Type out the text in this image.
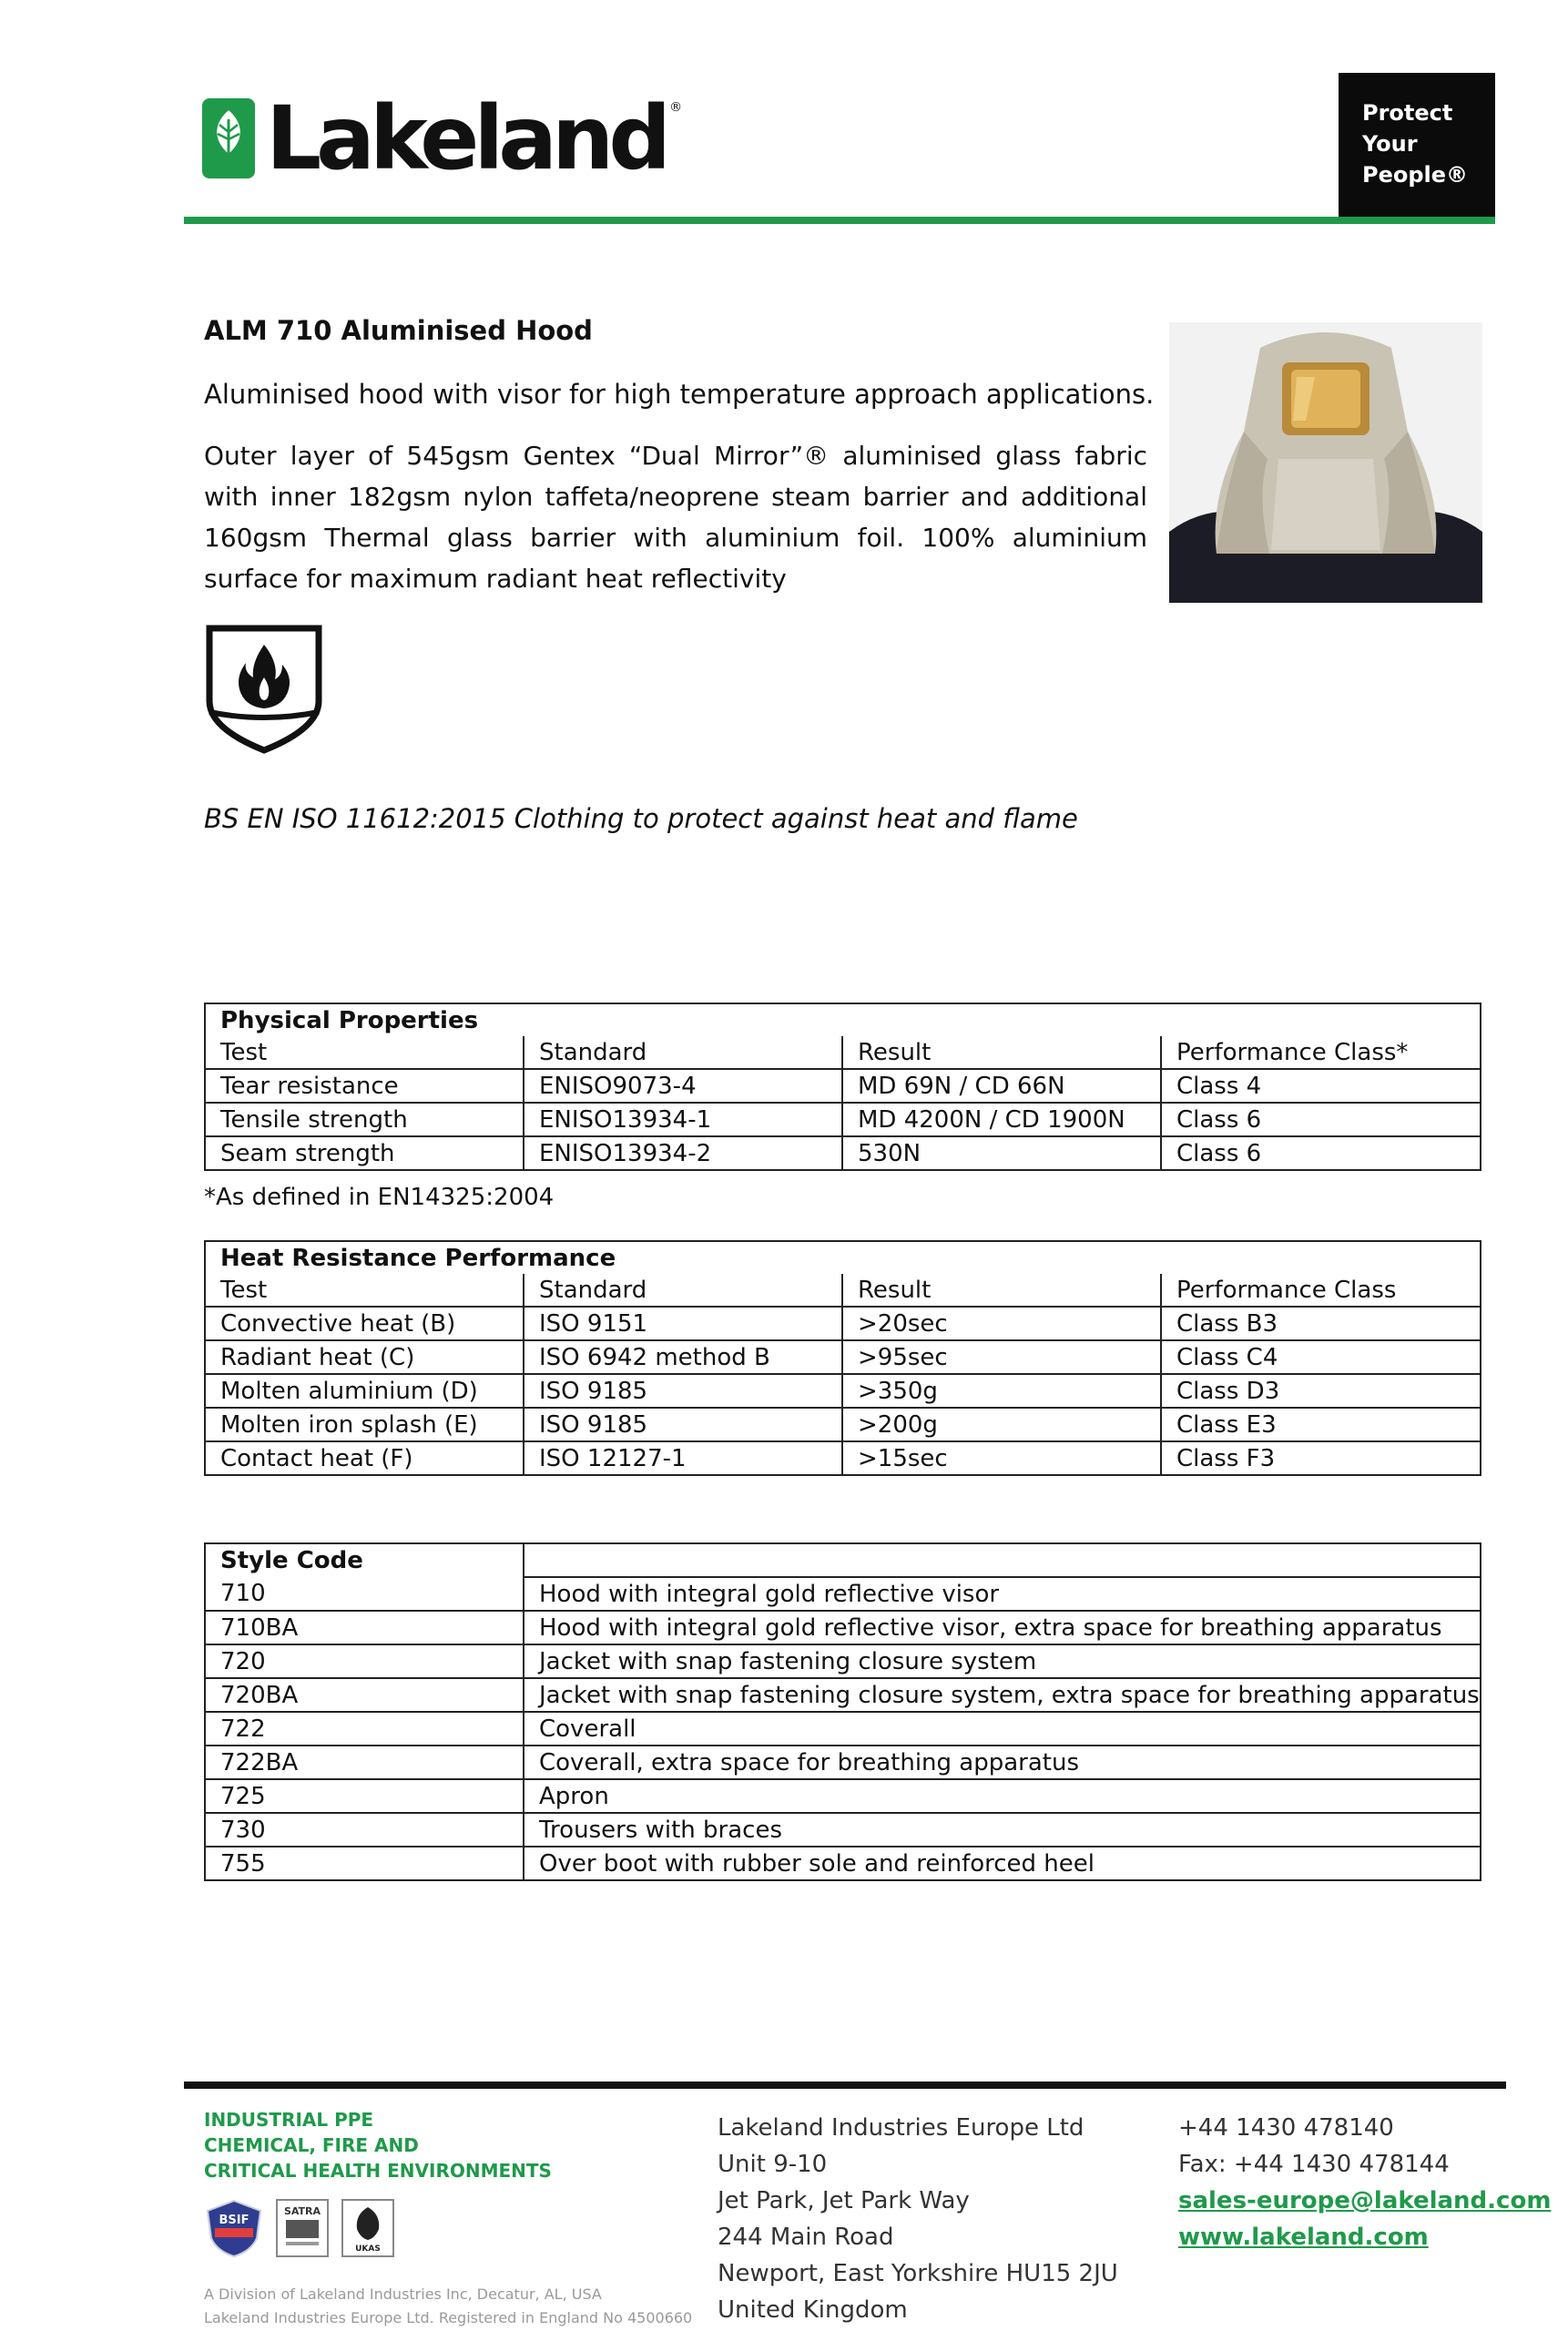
Lakeland ®	Protect
Your
People®
ALM 710 Aluminised Hood
Aluminised hood with visor for high temperature approach applications.
Outer layer of 545gsm Gentex “Dual Mirror”® aluminised glass fabric with inner 182gsm nylon taffeta/neoprene steam barrier and additional 160gsm Thermal glass barrier with aluminium foil. 100% aluminium surface for maximum radiant heat reflectivity
BS EN ISO 11612:2015 Clothing to protect against heat and flame
Physical Properties			
Test	Standard	Result	Performance Class*
Tear resistance	ENISO9073-4	MD 69N / CD 66N	Class 4
Tensile strength	ENISO13934-1	MD 4200N / CD 1900N	Class 6
Seam strength	ENISO13934-2	530N	Class 6
*As defined in EN14325:2004
Heat Resistance Performance			
Test	Standard	Result	Performance Class
Convective heat (B)	ISO 9151	>20sec	Class B3
Radiant heat (C)	ISO 6942 method B	>95sec	Class C4
Molten aluminium (D)	ISO 9185	>350g	Class D3
Molten iron splash (E)	ISO 9185	>200g	Class E3
Contact heat (F)	ISO 12127-1	>15sec	Class F3
Style Code	
710	Hood with integral gold reflective visor
710BA	Hood with integral gold reflective visor, extra space for breathing apparatus
720	Jacket with snap fastening closure system
720BA	Jacket with snap fastening closure system, extra space for breathing apparatus
722	Coverall
722BA	Coverall, extra space for breathing apparatus
725	Apron
730	Trousers with braces
755	Over boot with rubber sole and reinforced heel
INDUSTRIAL PPE
CHEMICAL, FIRE AND
CRITICAL HEALTH ENVIRONMENTS
BSIF
SATRA
UKAS
A Division of Lakeland Industries Inc, Decatur, AL, USA
Lakeland Industries Europe Ltd. Registered in England No 4500660
Lakeland Industries Europe Ltd
Unit 9-10
Jet Park, Jet Park Way
244 Main Road
Newport, East Yorkshire HU15 2JU
United Kingdom
+44 1430 478140
Fax: +44 1430 478144
sales-europe@lakeland.com
www.lakeland.com
